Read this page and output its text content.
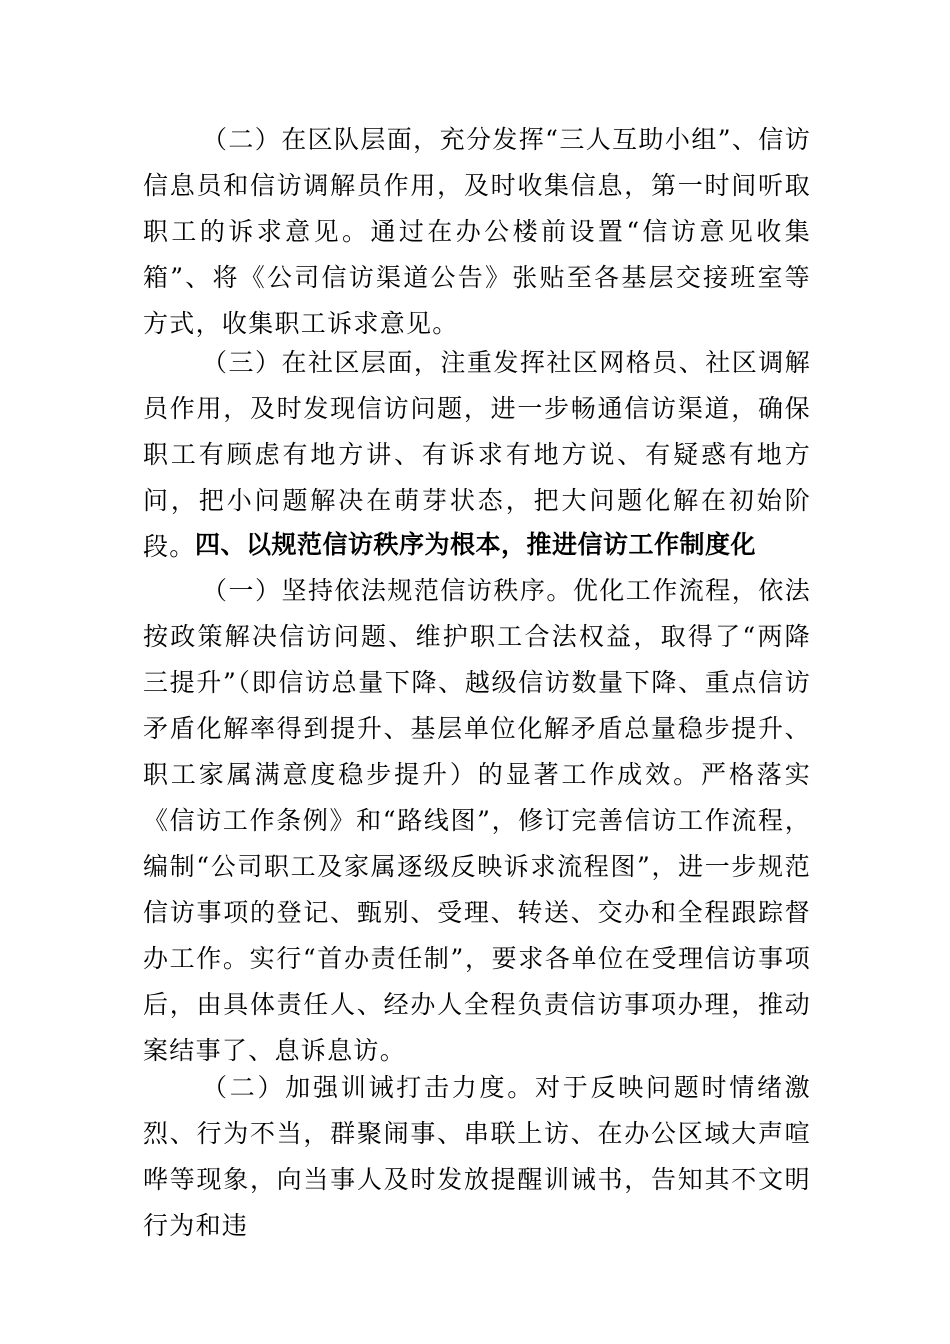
（二）在区队层面，充分发挥“三人互助小组”、信访信息员和信访调解员作用，及时收集信息，第一时间听取职工的诉求意见。通过在办公楼前设置“信访意见收集箱”、将《公司信访渠道公告》张贴至各基层交接班室等方式，收集职工诉求意见。

（三）在社区层面，注重发挥社区网格员、社区调解员作用，及时发现信访问题，进一步畅通信访渠道，确保职工有顾虑有地方讲、有诉求有地方说、有疑惑有地方问，把小问题解决在萌芽状态，把大问题化解在初始阶段。 四、以规范信访秩序为根本，推进信访工作制度化

（一）坚持依法规范信访秩序。优化工作流程，依法按政策解决信访问题、维护职工合法权益，取得了“两降三提升”（即信访总量下降、越级信访数量下降、重点信访矛盾化解率得到提升、基层单位化解矛盾总量稳步提升、职工家属满意度稳步提升）的显著工作成效。严格落实《信访工作条例》和“路线图”，修订完善信访工作流程，编制“公司职工及家属逐级反映诉求流程图”，进一步规范信访事项的登记、甄别、受理、转送、交办和全程跟踪督办工作。实行“首办责任制”，要求各单位在受理信访事项后，由具体责任人、经办人全程负责信访事项办理，推动案结事了、息诉息访。

（二）加强训诫打击力度。对于反映问题时情绪激烈、行为不当，群聚闹事、串联上访、在办公区域大声喧哗等现象，向当事人及时发放提醒训诫书，告知其不文明行为和违
